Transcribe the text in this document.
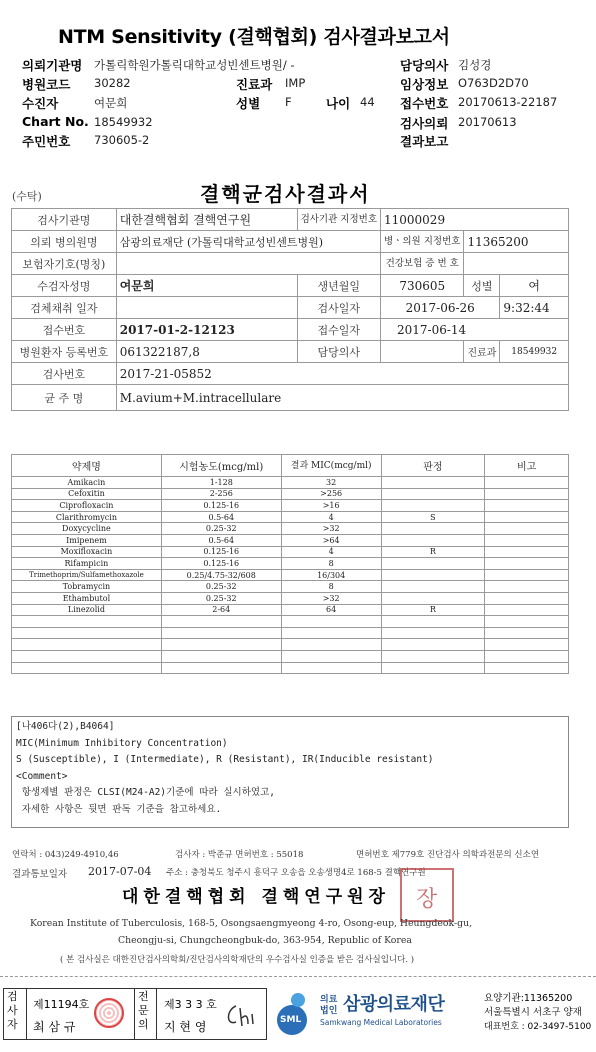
NTM Sensitivity (결핵협회) 검사결과보고서
의뢰기관명 가톨릭학원가톨릭대학교성빈센트병원/ -	담당의사 김성경
병원코드 30282	진료과 IMP	임상정보 O763D2D70
수진자	여문희	성별 F	나이 44 접수번호 20170613-22187
Chart No. 18549932	검사의뢰 20170613
주민번호 730605-2	결과보고
(수탁)	결핵균검사결과서
검사기관명	대한결핵협회 결핵연구원	검사기관 지정번호	11000029		
의뢰 병의원명	삼광의료재단 (가톨릭대학교성빈센트병원)		병ㆍ의원 지정번호	11365200	
보험자기호(명칭)			건강보험 증 번 호		
수검자성명	여문희	생년월일	730605	성별	여
검체채취 일자		검사일자	2017-06-26		9:32:44
접수번호	2017-01-2-12123	접수일자	2017-06-14		
병원환자 등록번호	061322187,8	담당의사		진료과	18549932
검사번호	2017-21-05852				
균 주 명	M.avium+M.intracellulare				
약제명	시험농도(mcg/ml)	결과 MIC(mcg/ml)	판정	비고
Amikacin	1-128	32		
Cefoxitin	2-256	>256		
Ciprofloxacin	0.125-16	>16		
Clarithromycin	0.5-64	4	S	
Doxycycline	0.25-32	>32		
Imipenem	0.5-64	>64		
Moxifloxacin	0.125-16	4	R	
Rifampicin	0.125-16	8		
Trimethoprim/Sulfamethoxazole	0.25/4.75-32/608	16/304		
Tobramycin	0.25-32	8		
Ethambutol	0.25-32	>32		
Linezolid	2-64	64	R	

[나406다(2),B4064]
MIC(Minimum Inhibitory Concentration)
S (Susceptible), I (Intermediate), R (Resistant), IR(Inducible resistant)
<Comment>
항생제별 판정은 CLSI(M24-A2)기준에 따라 실시하였고,
자세한 사항은 뒷면 판독 기준을 참고하세요.
연락처 : 043)249-4910,46	검사자 : 박준규 면허번호 : 55018	면허번호 제779호 진단검사 의학과전문의 신소연
결과통보일자 2017-07-04 주소 : 충청북도 청주시 흥덕구 오송읍 오송생명4로 168-5 결핵연구원
대한결핵협회 결핵연구원장 장
Korean Institute of Tuberculosis, 168-5, Osongsaengmyeong 4-ro, Osong-eup, Heungdeok-gu,
Cheongju-si, Chungcheongbuk-do, 363-954, Republic of Korea
( 본 검사실은 대한진단검사의학회/진단검사의학재단의 우수검사실 인증을 받은 검사실입니다. )
검사자
제11194호
최 삼 규
전문의
제3 3 3 호
지 현 영	SML
의료
법인 삼광의료재단
Samkwang Medical Laboratories
요양기관:11365200
서울특별시 서초구 양재
대표번호 : 02-3497-5100
